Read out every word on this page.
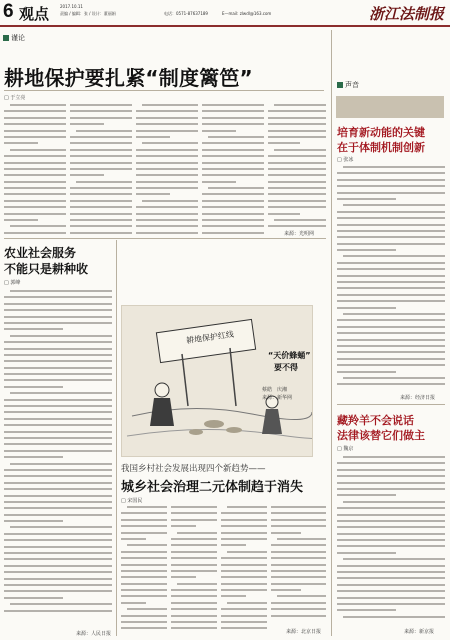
6 观点	2017.10.11
责编 / 编辑：张 / 设计：董丽娟	电话：0571-87637189	E—mail: zlwdl@163.com	浙江法制报
谨论
耕地保护要扎紧“制度篱笆”
□ 于立亮
来源：光明网
农业社会服务
不能只是耕种收
□ 郭峰
来源：人民日报
耕地保护红线
“天价蜂蛹”
要不得
蔡皓　庆湘
来源：新华网
我国乡村社会发展出现四个新趋势——
城乡社会治理二元体制趋于消失
□ 宋国民
来源：北京日报
声音
培育新动能的关键
在于体制机制创新
□ 张冰
来源：经济日报
藏羚羊不会说话
法律该替它们做主
□ 魏京
来源：新京报
